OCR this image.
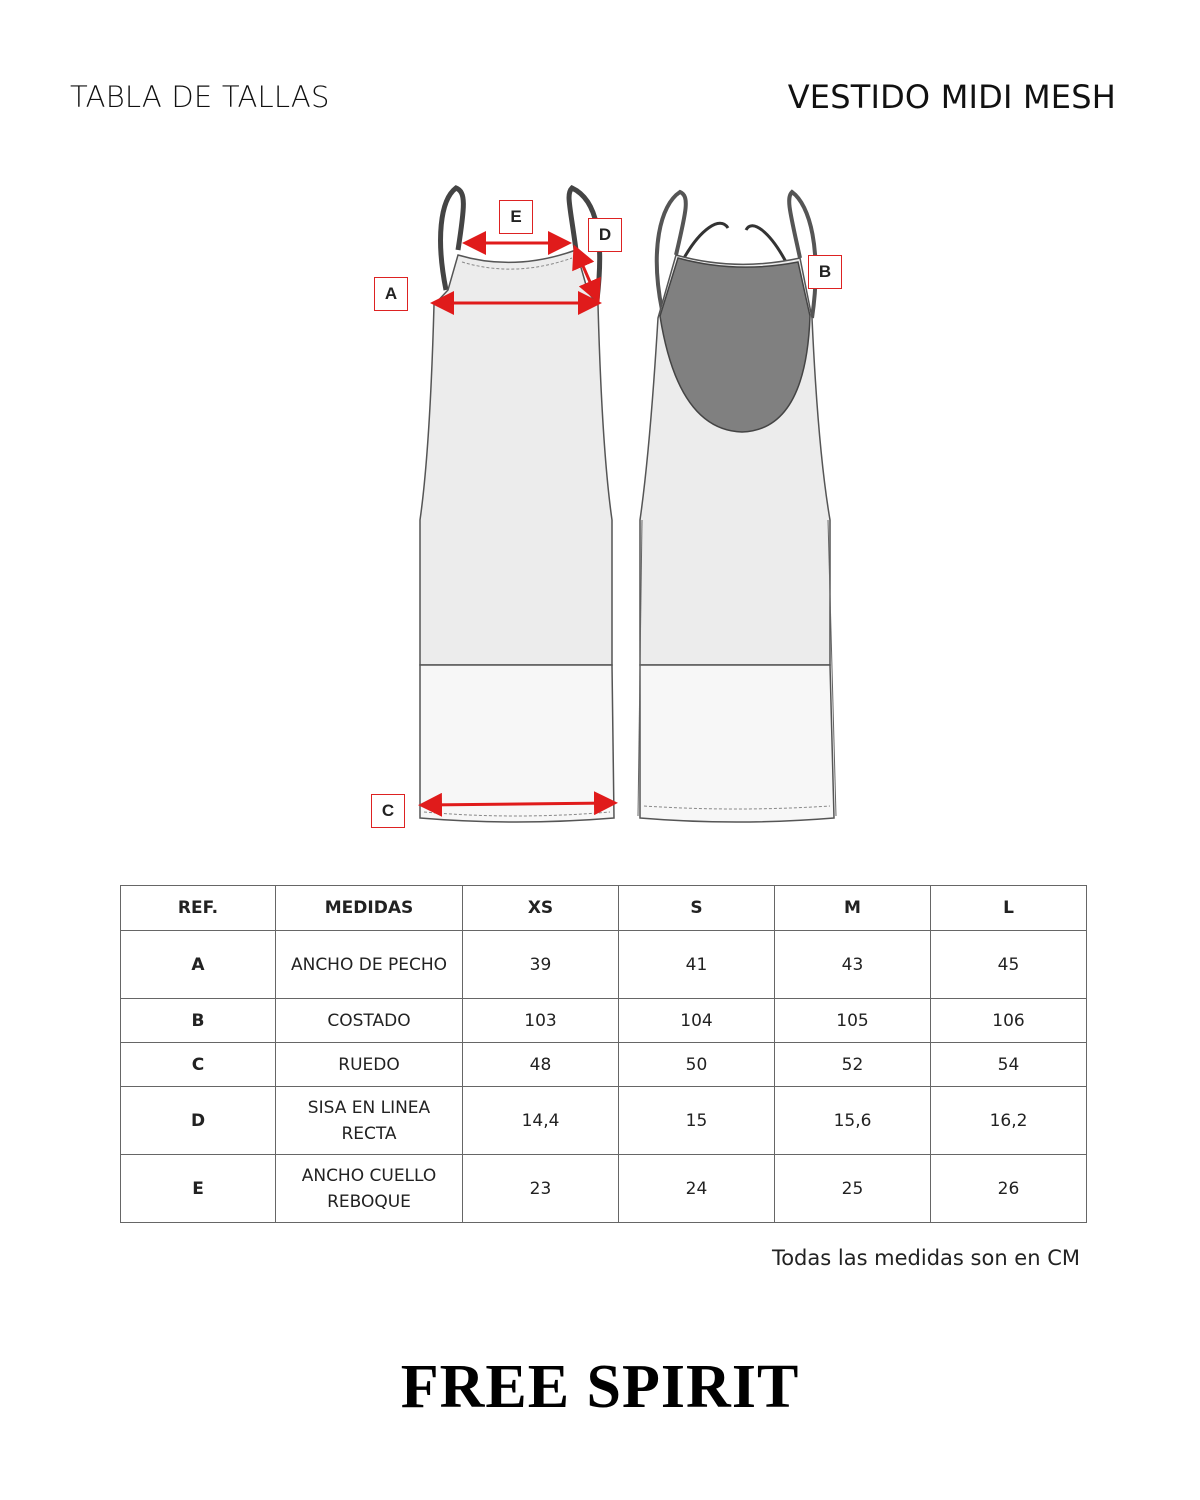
TABLA DE TALLAS	VESTIDO MIDI MESH
E
D
A
B
C
REF.	MEDIDAS	XS	S	M	L
A	ANCHO DE PECHO	39	41	43	45
B	COSTADO	103	104	105	106
C	RUEDO	48	50	52	54
D	SISA EN LINEA RECTA	14,4	15	15,6	16,2
E	ANCHO CUELLO REBOQUE	23	24	25	26
Todas las medidas son en CM
FREE SPIRIT
